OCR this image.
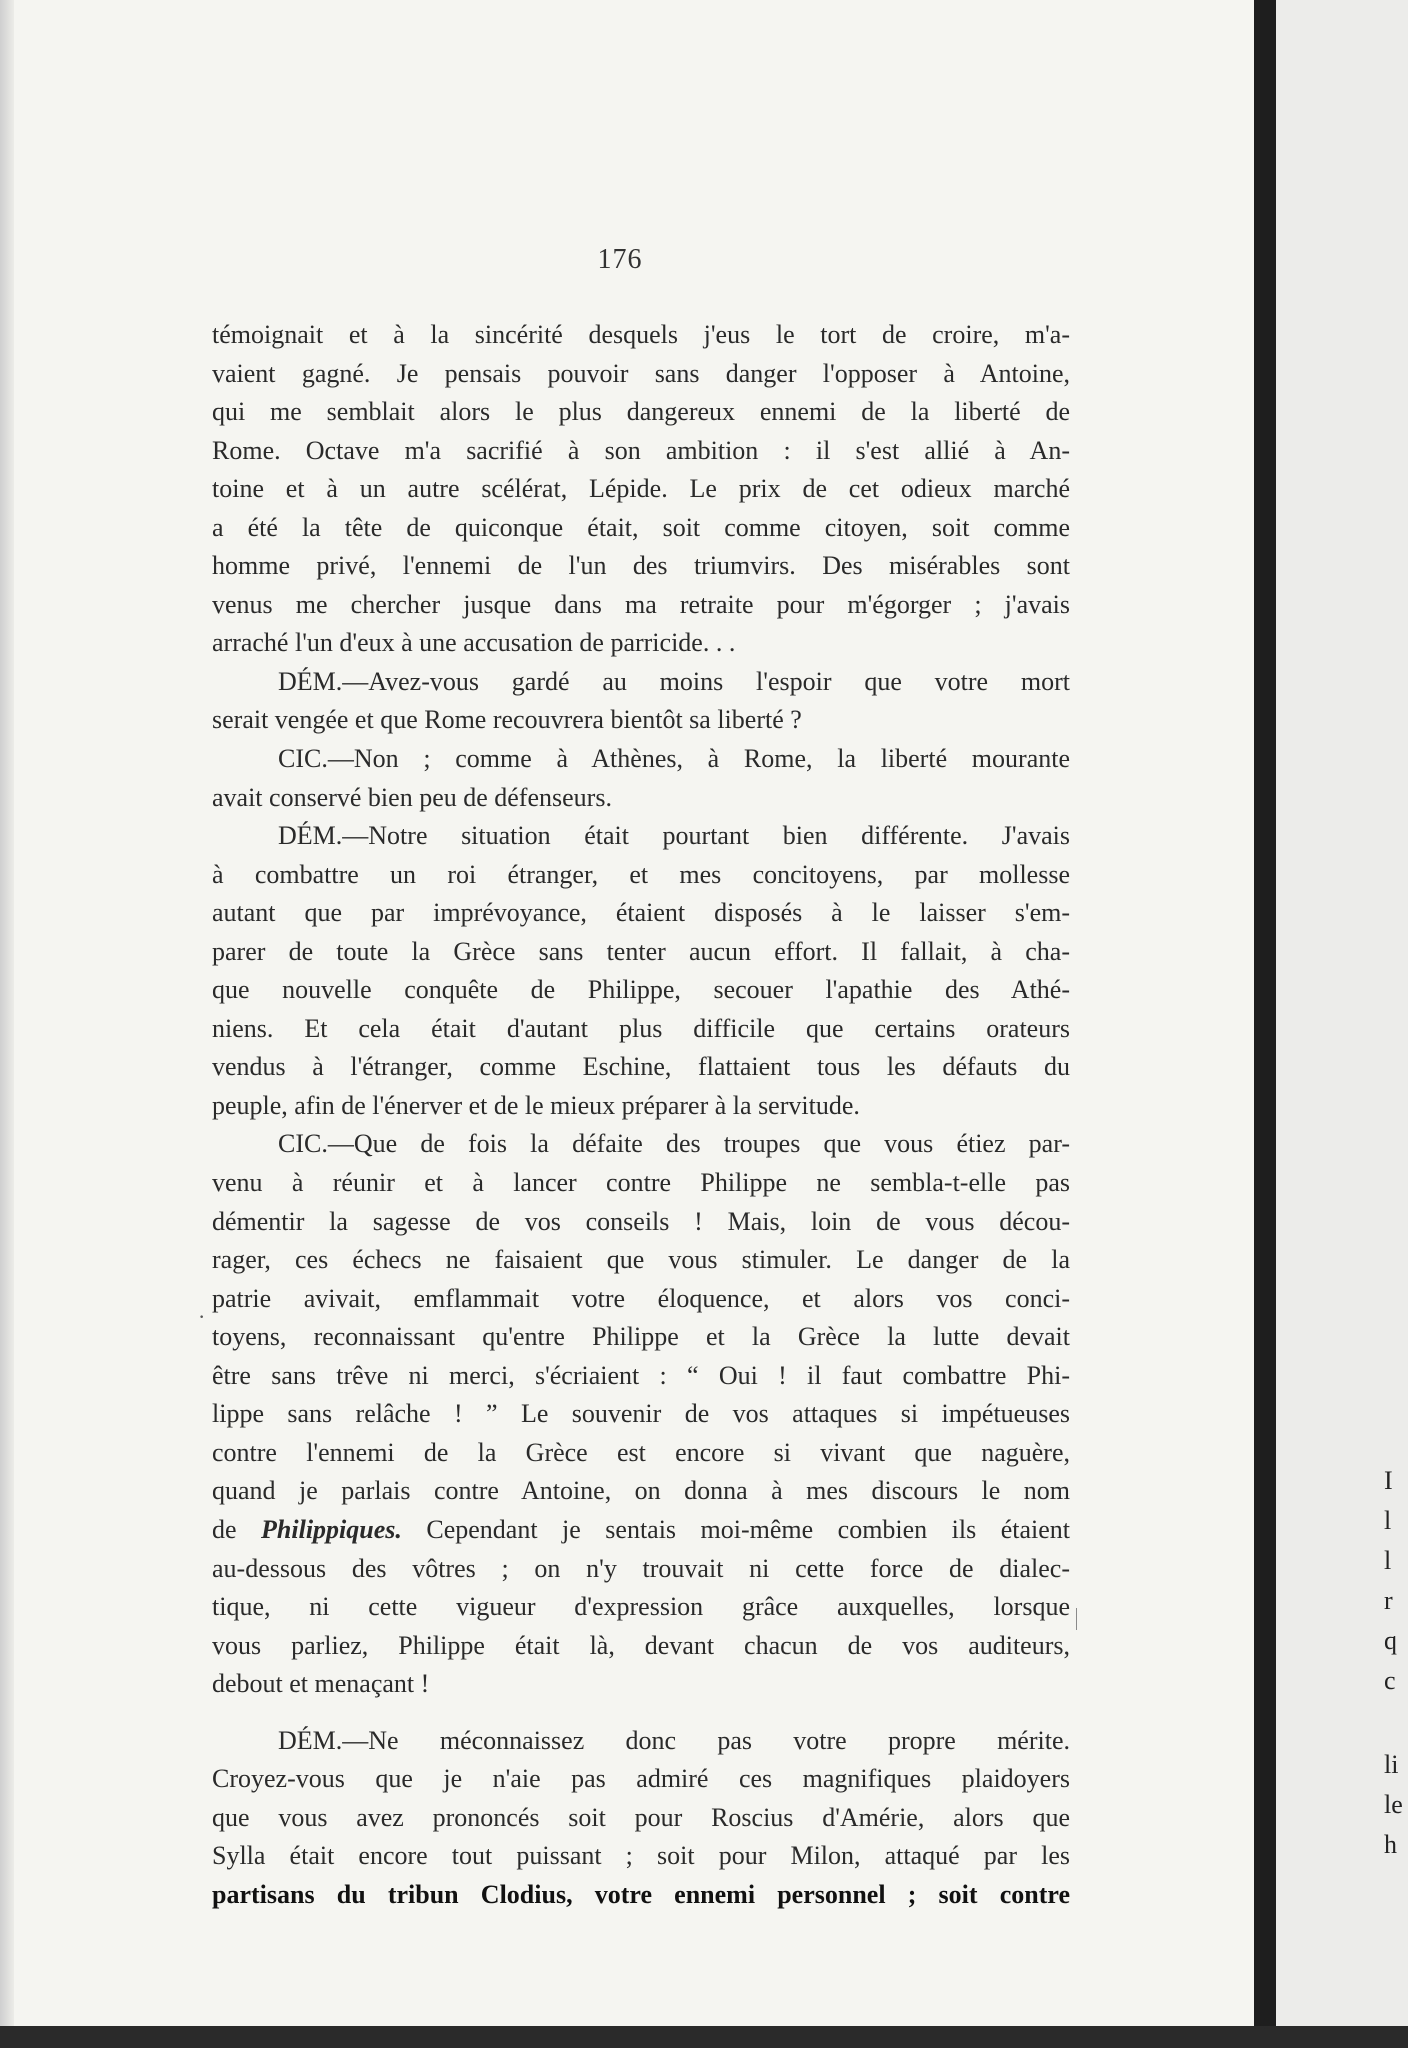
176
·
témoignait et à la sincérité desquels j'eus le tort de croire, m'a-
vaient gagné. Je pensais pouvoir sans danger l'opposer à Antoine,
qui me semblait alors le plus dangereux ennemi de la liberté de
Rome. Octave m'a sacrifié à son ambition : il s'est allié à An-
toine et à un autre scélérat, Lépide. Le prix de cet odieux marché
a été la tête de quiconque était, soit comme citoyen, soit comme
homme privé, l'ennemi de l'un des triumvirs. Des misérables sont
venus me chercher jusque dans ma retraite pour m'égorger ; j'avais
arraché l'un d'eux à une accusation de parricide. . .
DÉM.—Avez-vous gardé au moins l'espoir que votre mort
serait vengée et que Rome recouvrera bientôt sa liberté ?
CIC.—Non ; comme à Athènes, à Rome, la liberté mourante
avait conservé bien peu de défenseurs.
DÉM.—Notre situation était pourtant bien différente. J'avais
à combattre un roi étranger, et mes concitoyens, par mollesse
autant que par imprévoyance, étaient disposés à le laisser s'em-
parer de toute la Grèce sans tenter aucun effort. Il fallait, à cha-
que nouvelle conquête de Philippe, secouer l'apathie des Athé-
niens. Et cela était d'autant plus difficile que certains orateurs
vendus à l'étranger, comme Eschine, flattaient tous les défauts du
peuple, afin de l'énerver et de le mieux préparer à la servitude.
CIC.—Que de fois la défaite des troupes que vous étiez par-
venu à réunir et à lancer contre Philippe ne sembla-t-elle pas
démentir la sagesse de vos conseils ! Mais, loin de vous décou-
rager, ces échecs ne faisaient que vous stimuler. Le danger de la
patrie avivait, emflammait votre éloquence, et alors vos conci-
toyens, reconnaissant qu'entre Philippe et la Grèce la lutte devait
être sans trêve ni merci, s'écriaient : “ Oui ! il faut combattre Phi-
lippe sans relâche ! ” Le souvenir de vos attaques si impétueuses
contre l'ennemi de la Grèce est encore si vivant que naguère,
quand je parlais contre Antoine, on donna à mes discours le nom
de Philippiques. Cependant je sentais moi-même combien ils étaient
au-dessous des vôtres ; on n'y trouvait ni cette force de dialec-
tique, ni cette vigueur d'expression grâce auxquelles, lorsque
vous parliez, Philippe était là, devant chacun de vos auditeurs,
debout et menaçant !
DÉM.—Ne méconnaissez donc pas votre propre mérite.
Croyez-vous que je n'aie pas admiré ces magnifiques plaidoyers
que vous avez prononcés soit pour Roscius d'Amérie, alors que
Sylla était encore tout puissant ; soit pour Milon, attaqué par les
partisans du tribun Clodius, votre ennemi personnel ; soit contre
I
l
l
r
q
c
li
le
h
